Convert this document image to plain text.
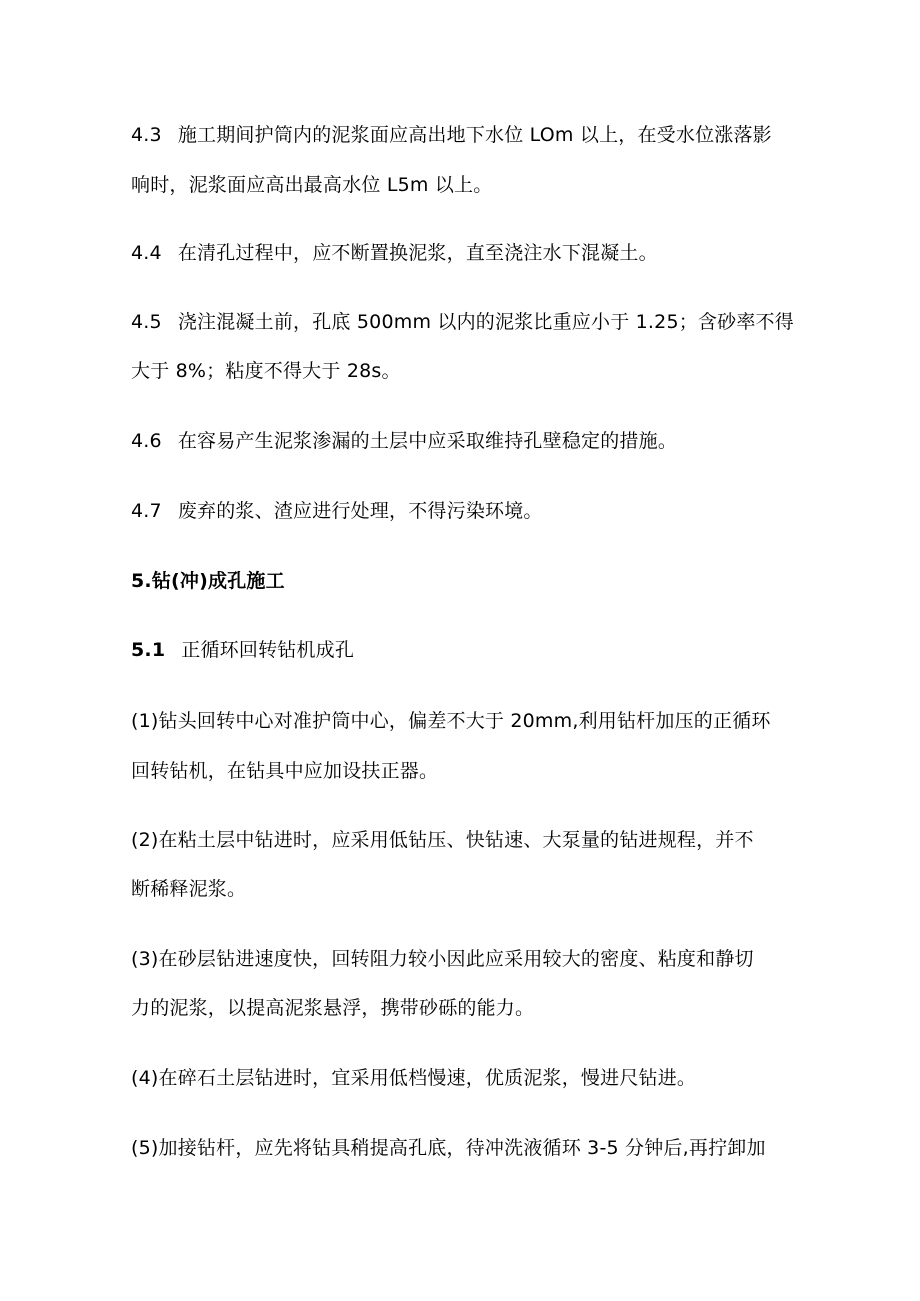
4.3 施工期间护筒内的泥浆面应高出地下水位 LOm 以上，在受水位涨落影
响时，泥浆面应高出最高水位 L5m 以上。
4.4 在清孔过程中，应不断置换泥浆，直至浇注水下混凝土。
4.5 浇注混凝土前，孔底 500mm 以内的泥浆比重应小于 1.25；含砂率不得
大于 8%；粘度不得大于 28s。
4.6 在容易产生泥浆渗漏的土层中应采取维持孔壁稳定的措施。
4.7 废弃的浆、渣应进行处理，不得污染环境。
5.钻(冲)成孔施工
5.1 正循环回转钻机成孔
(1)钻头回转中心对准护筒中心，偏差不大于 20mm,利用钻杆加压的正循环
回转钻机，在钻具中应加设扶正器。
(2)在粘土层中钻进时，应采用低钻压、快钻速、大泵量的钻进规程，并不
断稀释泥浆。
(3)在砂层钻进速度快，回转阻力较小因此应采用较大的密度、粘度和静切
力的泥浆，以提高泥浆悬浮，携带砂砾的能力。
(4)在碎石土层钻进时，宜采用低档慢速，优质泥浆，慢进尺钻进。
(5)加接钻杆，应先将钻具稍提高孔底，待冲洗液循环 3-5 分钟后,再拧卸加
